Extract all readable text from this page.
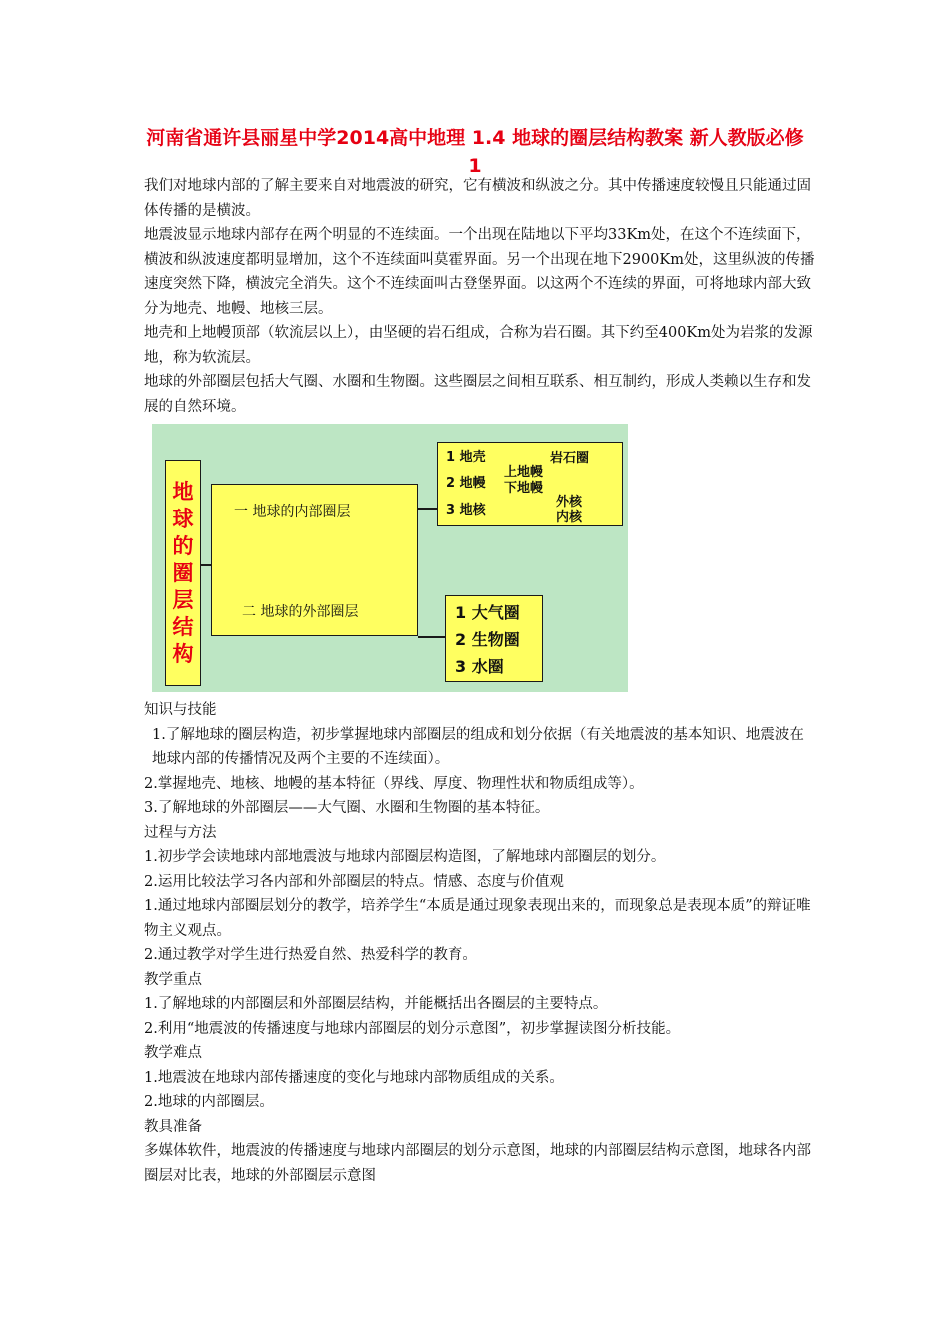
河南省通许县丽星中学2014高中地理 1.4 地球的圈层结构教案 新人教版必修1

我们对地球内部的了解主要来自对地震波的研究，它有横波和纵波之分。其中传播速度较慢且只能通过固体传播的是横波。

地震波显示地球内部存在两个明显的不连续面。一个出现在陆地以下平均33Km处，在这个不连续面下，横波和纵波速度都明显增加，这个不连续面叫莫霍界面。另一个出现在地下2900Km处，这里纵波的传播速度突然下降，横波完全消失。这个不连续面叫古登堡界面。以这两个不连续的界面，可将地球内部大致分为地壳、地幔、地核三层。

地壳和上地幔顶部（软流层以上），由坚硬的岩石组成，合称为岩石圈。其下约至400Km处为岩浆的发源地，称为软流层。

地球的外部圈层包括大气圈、水圈和生物圈。这些圈层之间相互联系、相互制约，形成人类赖以生存和发展的自然环境。

地
球
的
圈
层
结
构
一 地球的内部圈层
二 地球的外部圈层
1 地壳
2 地幔
3 地核
岩石圈
上地幔
下地幔
外核
内核
1 大气圈
2 生物圈
3 水圈

知识与技能

1.了解地球的圈层构造，初步掌握地球内部圈层的组成和划分依据（有关地震波的基本知识、地震波在地球内部的传播情况及两个主要的不连续面）。

2.掌握地壳、地核、地幔的基本特征（界线、厚度、物理性状和物质组成等）。

3.了解地球的外部圈层——大气圈、水圈和生物圈的基本特征。

过程与方法

1.初步学会读地球内部地震波与地球内部圈层构造图，了解地球内部圈层的划分。

2.运用比较法学习各内部和外部圈层的特点。情感、态度与价值观

1.通过地球内部圈层划分的教学，培养学生“本质是通过现象表现出来的，而现象总是表现本质”的辩证唯物主义观点。

2.通过教学对学生进行热爱自然、热爱科学的教育。

教学重点

1.了解地球的内部圈层和外部圈层结构，并能概括出各圈层的主要特点。

2.利用“地震波的传播速度与地球内部圈层的划分示意图”，初步掌握读图分析技能。

教学难点

1.地震波在地球内部传播速度的变化与地球内部物质组成的关系。

2.地球的内部圈层。

教具准备

多媒体软件，地震波的传播速度与地球内部圈层的划分示意图，地球的内部圈层结构示意图，地球各内部圈层对比表，地球的外部圈层示意图
